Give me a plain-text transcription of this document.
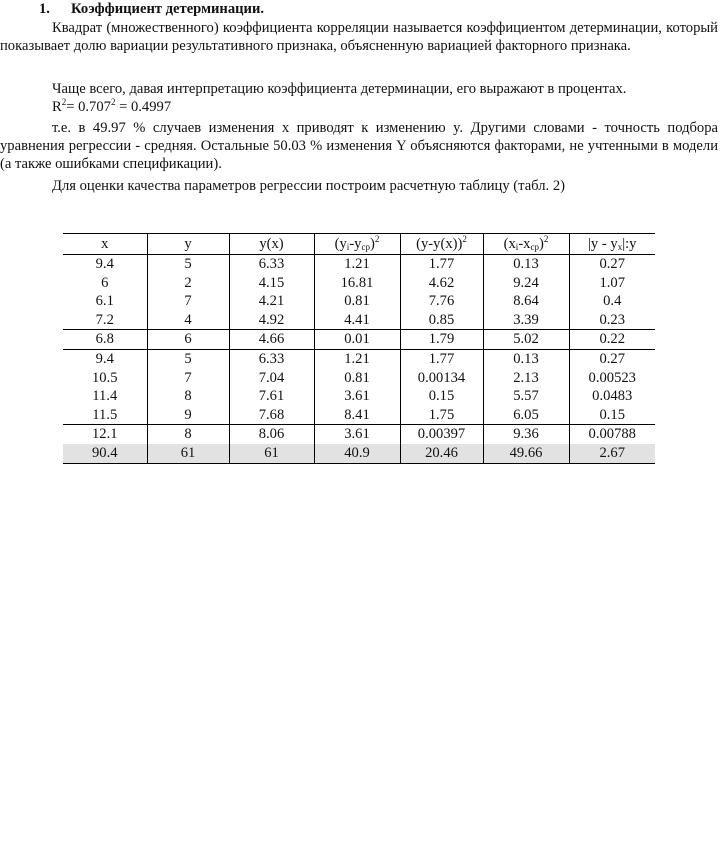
1. Коэффициент детерминации.

Квадрат (множественного) коэффициента корреляции называется коэффициентом детерминации, который показывает долю вариации результативного признака, объясненную вариацией факторного признака.

Чаще всего, давая интерпретацию коэффициента детерминации, его выражают в процентах.

$R^2= 0.707^2 = 0.4997$

т.е. в 49.97 % случаев изменения х приводят к изменению y. Другими словами - точность подбора уравнения регрессии - средняя. Остальные 50.03 % изменения Y объясняются факторами, не учтенными в модели (а также ошибками спецификации).

Для оценки качества параметров регрессии построим расчетную таблицу (табл. 2)

x	y	y(x)	$(y_i-y_{cp})^2$	$(y-y(x))^2$	$(x_i-x_{cp})^2$	$|y - y_x|:y$
9.4	5	6.33	1.21	1.77	0.13	0.27
6	2	4.15	16.81	4.62	9.24	1.07
6.1	7	4.21	0.81	7.76	8.64	0.4
7.2	4	4.92	4.41	0.85	3.39	0.23
6.8	6	4.66	0.01	1.79	5.02	0.22
9.4	5	6.33	1.21	1.77	0.13	0.27
10.5	7	7.04	0.81	0.00134	2.13	0.00523
11.4	8	7.61	3.61	0.15	5.57	0.0483
11.5	9	7.68	8.41	1.75	6.05	0.15
12.1	8	8.06	3.61	0.00397	9.36	0.00788
90.4	61	61	40.9	20.46	49.66	2.67
